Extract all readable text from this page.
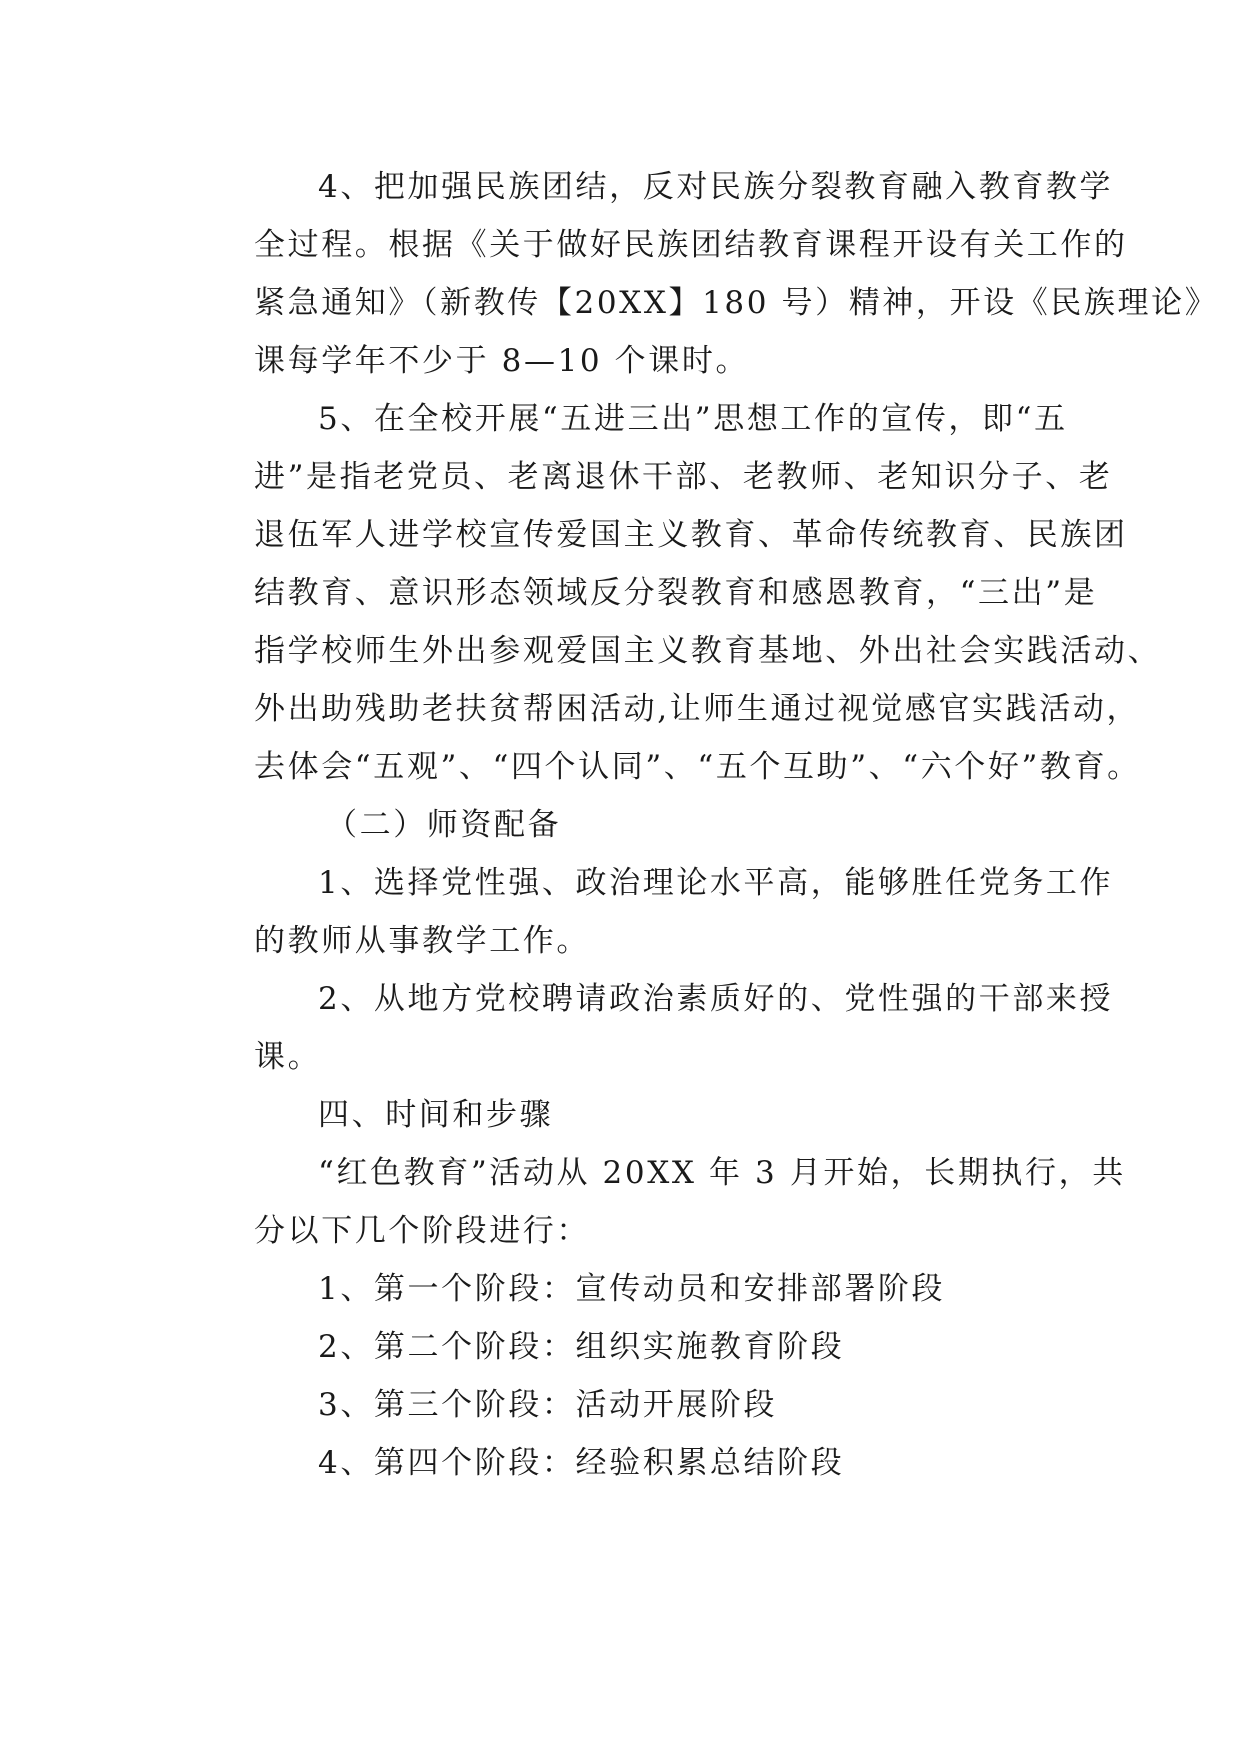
4、把加强民族团结，反对民族分裂教育融入教育教学
全过程。根据《关于做好民族团结教育课程开设有关工作的
紧急通知》（新教传【20XX】180 号）精神，开设《民族理论》
课每学年不少于 8—10 个课时。

5、在全校开展“五进三出”思想工作的宣传，即“五
进”是指老党员、老离退休干部、老教师、老知识分子、老
退伍军人进学校宣传爱国主义教育、革命传统教育、民族团
结教育、意识形态领域反分裂教育和感恩教育，“三出”是
指学校师生外出参观爱国主义教育基地、外出社会实践活动、
外出助残助老扶贫帮困活动,让师生通过视觉感官实践活动，
去体会“五观”、“四个认同”、“五个互助”、“六个好”教育。

（二）师资配备

1、选择党性强、政治理论水平高，能够胜任党务工作
的教师从事教学工作。

2、从地方党校聘请政治素质好的、党性强的干部来授
课。

四、时间和步骤

“红色教育”活动从 20XX 年 3 月开始，长期执行，共
分以下几个阶段进行：

1、第一个阶段：宣传动员和安排部署阶段

2、第二个阶段：组织实施教育阶段

3、第三个阶段：活动开展阶段

4、第四个阶段：经验积累总结阶段
